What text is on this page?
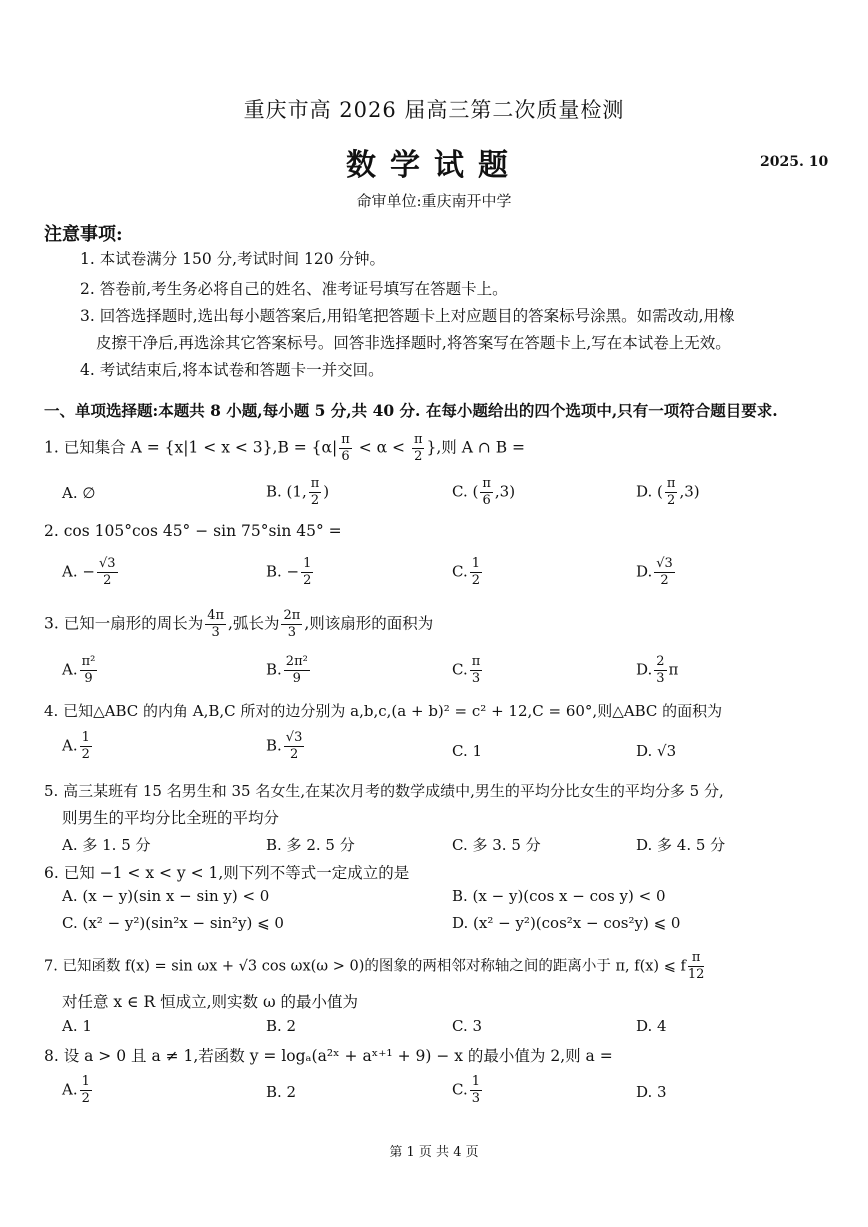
重庆市高 2026 届高三第二次质量检测
数学试题	2025. 10
命审单位:重庆南开中学
注意事项:
1. 本试卷满分 150 分,考试时间 120 分钟。
2. 答卷前,考生务必将自己的姓名、准考证号填写在答题卡上。
3. 回答选择题时,选出每小题答案后,用铅笔把答题卡上对应题目的答案标号涂黑。如需改动,用橡
皮擦干净后,再选涂其它答案标号。回答非选择题时,将答案写在答题卡上,写在本试卷上无效。
4. 考试结束后,将本试卷和答题卡一并交回。
一、单项选择题:本题共 8 小题,每小题 5 分,共 40 分. 在每小题给出的四个选项中,只有一项符合题目要求.
1. 已知集合 $A = \{x|1 < x < 3\},B = \{\alpha| \frac{\pi}{6} < \alpha < \frac{\pi}{2}$ },则 A ∩ B =
A. ∅	B. (1, $\frac{\pi}{2}$ )	C. ( $\frac{\pi}{6} ,3$)	D. ( $\frac{\pi}{2} ,3$)
2. cos 105°cos 45° − sin 75°sin 45° =
A. − $\frac{√3}{2}$	B. − $\frac{1}{2}$	C. $\frac{1}{2}$	D. $\frac{√3}{2}$
3. 已知一扇形的周长为 $\frac{4\pi}{3}$ ,弧长为 $\frac{2\pi}{3}$ ,则该扇形的面积为
A. $\frac{\text{π²}}{9}$	B. $\frac{\text{2π²}}{9}$	C. $\frac{\pi}{3}$	D. $\frac{2}{3}$ π
4. 已知△ABC 的内角 A,B,C 所对的边分别为 a,b,c,(a + b)² = c² + 12,C = 60°,则△ABC 的面积为
A. $\frac{1}{2}$	B. $\frac{√3}{2}$	C. 1	D. √3
5. 高三某班有 15 名男生和 35 名女生,在某次月考的数学成绩中,男生的平均分比女生的平均分多 5 分,
则男生的平均分比全班的平均分
A. 多 1. 5 分	B. 多 2. 5 分	C. 多 3. 5 分	D. 多 4. 5 分
6. 已知 −1 < x < y < 1,则下列不等式一定成立的是
A. (x − y)(sin x − sin y) < 0	B. (x − y)(cos x − cos y) < 0
C. (x² − y²)(sin²x − sin²y) ⩽ 0	D. (x² − y²)(cos²x − cos²y) ⩽ 0
7. 已知函数 f(x) = sin ωx + √3 cos ωx(ω > 0)的图象的两相邻对称轴之间的距离小于 π, f(x) ⩽ f $\frac{\pi}{12}$
对任意 x ∈ R 恒成立,则实数 ω 的最小值为
A. 1	B. 2	C. 3	D. 4
8. 设 a > 0 且 a ≠ 1,若函数 y = logₐ(a²ˣ + aˣ⁺¹ + 9) − x 的最小值为 2,则 a =
A. $\frac{1}{2}$	B. 2	C. $\frac{1}{3}$	D. 3
第 1 页 共 4 页
